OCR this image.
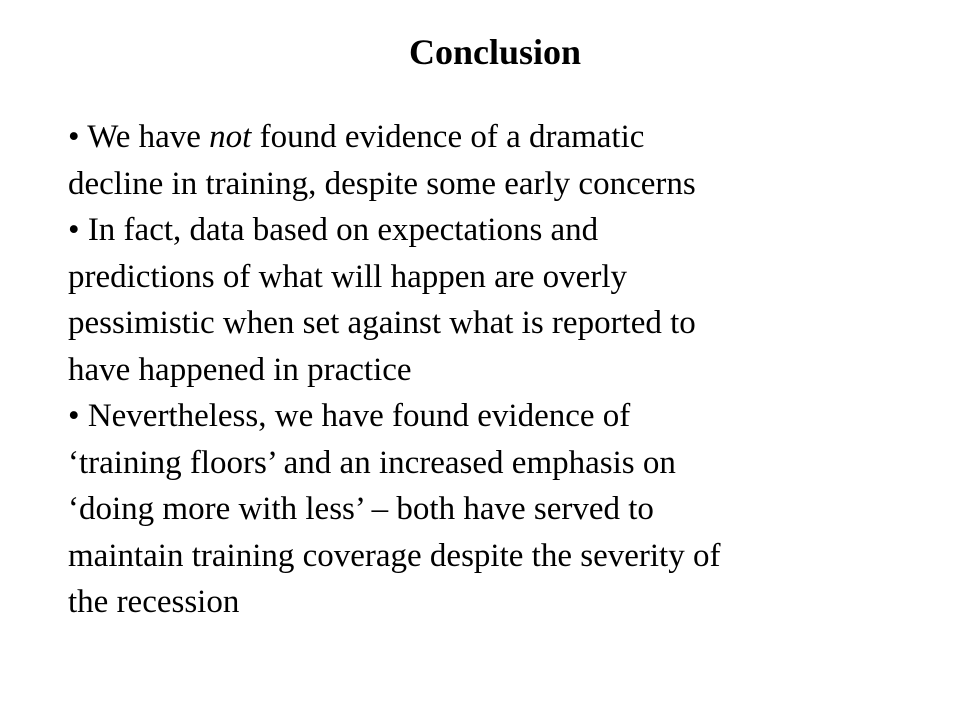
Conclusion
• We have not found evidence of a dramatic
decline in training, despite some early concerns
• In fact, data based on expectations and
predictions of what will happen are overly
pessimistic when set against what is reported to
have happened in practice
• Nevertheless, we have found evidence of
‘training floors’ and an increased emphasis on
‘doing more with less’ – both have served to
maintain training coverage despite the severity of
the recession
